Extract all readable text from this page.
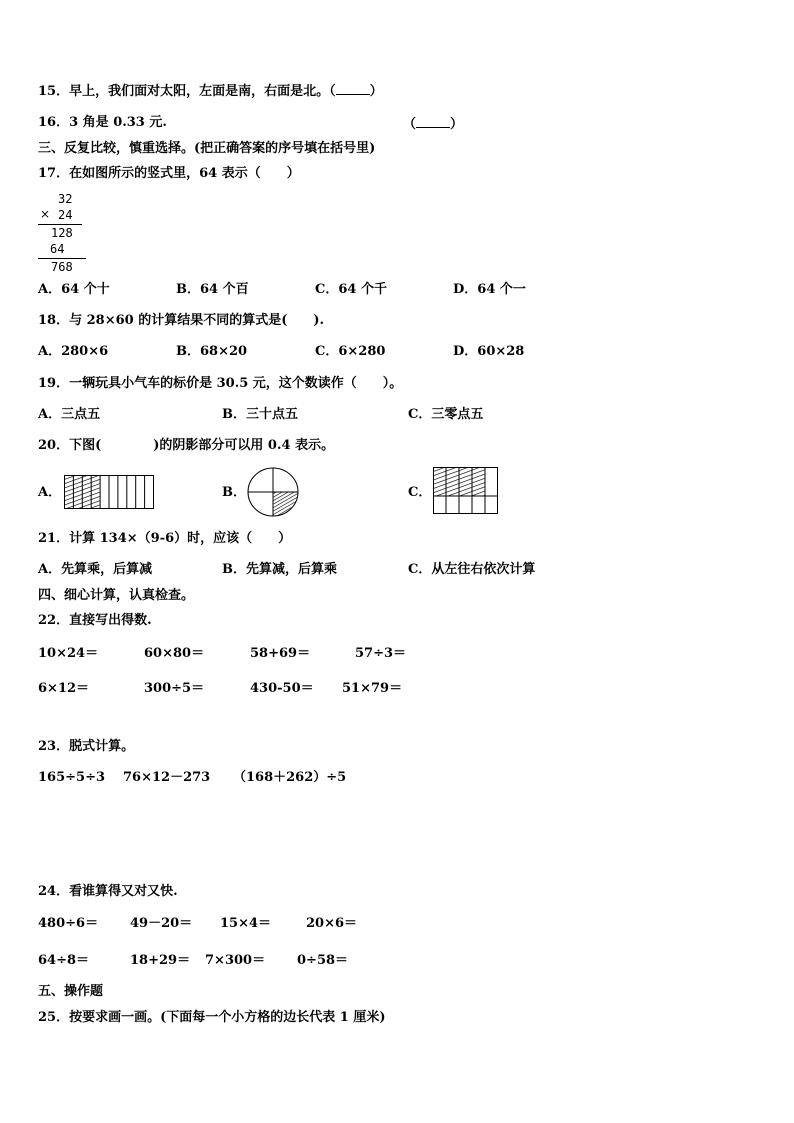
15．早上，我们面对太阳，左面是南，右面是北。（	）
16．3 角是 0.33 元.	（	）
三、反复比较，慎重选择。(把正确答案的序号填在括号里)
17．在如图所示的竖式里，64 表示（　　）
32
× 24
128
64
768
A．64 个十	B．64 个百	C．64 个千	D．64 个一
18．与 28×60 的计算结果不同的算式是(　　).
A．280×6	B．68×20	C．6×280	D．60×28
19．一辆玩具小气车的标价是 30.5 元，这个数读作（　　）。
A．三点五	B．三十点五	C．三零点五
20．下图(　　　　)的阴影部分可以用 0.4 表示。
A．	B．	C．
21．计算 134×（9-6）时，应该（　　）
A．先算乘，后算减	B．先算减，后算乘	C．从左往右依次计算
四、细心计算，认真检查。
22．直接写出得数.
10×24＝	60×80＝	58+69＝	57÷3＝
6×12＝	300÷5＝	430-50＝ 51×79＝
23．脱式计算。
165÷5÷3 76×12－273 （168＋262）÷5
24．看谁算得又对又快.
480÷6＝ 49－20＝ 15×4＝	20×6＝
64÷8＝	18+29＝ 7×300＝ 0÷58＝
五、操作题
25．按要求画一画。(下面每一个小方格的边长代表 1 厘米)
